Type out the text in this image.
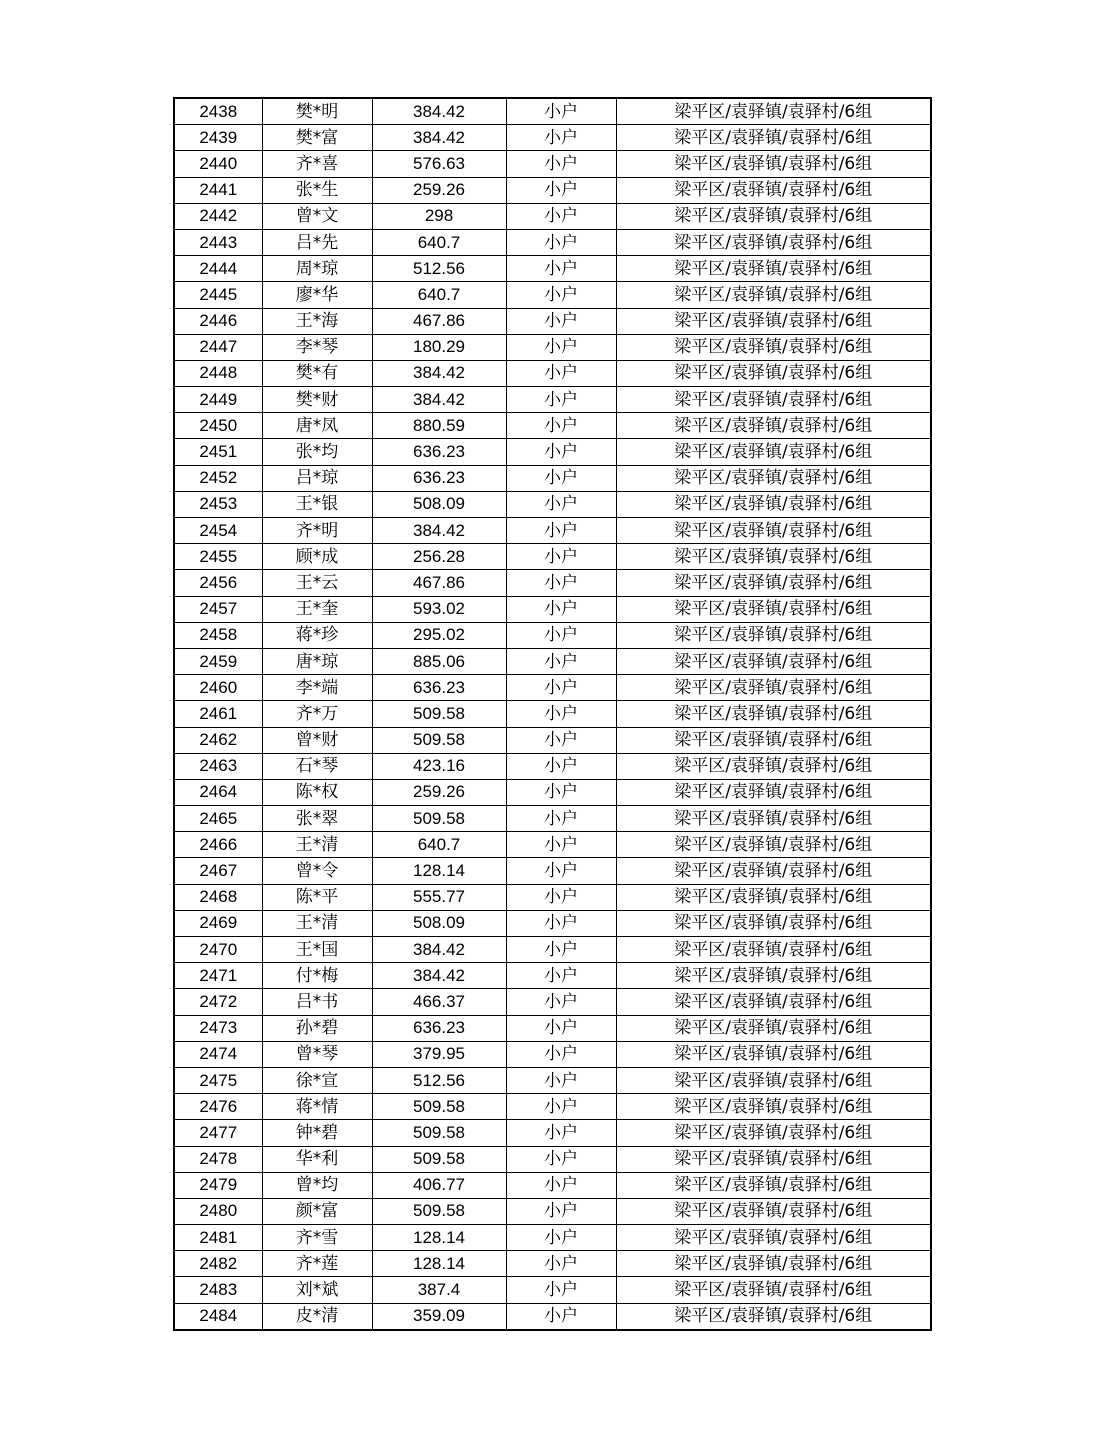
2438	樊*明	384.42	小户	梁平区/袁驿镇/袁驿村/6组
2439	樊*富	384.42	小户	梁平区/袁驿镇/袁驿村/6组
2440	齐*喜	576.63	小户	梁平区/袁驿镇/袁驿村/6组
2441	张*生	259.26	小户	梁平区/袁驿镇/袁驿村/6组
2442	曾*文	298	小户	梁平区/袁驿镇/袁驿村/6组
2443	吕*先	640.7	小户	梁平区/袁驿镇/袁驿村/6组
2444	周*琼	512.56	小户	梁平区/袁驿镇/袁驿村/6组
2445	廖*华	640.7	小户	梁平区/袁驿镇/袁驿村/6组
2446	王*海	467.86	小户	梁平区/袁驿镇/袁驿村/6组
2447	李*琴	180.29	小户	梁平区/袁驿镇/袁驿村/6组
2448	樊*有	384.42	小户	梁平区/袁驿镇/袁驿村/6组
2449	樊*财	384.42	小户	梁平区/袁驿镇/袁驿村/6组
2450	唐*凤	880.59	小户	梁平区/袁驿镇/袁驿村/6组
2451	张*均	636.23	小户	梁平区/袁驿镇/袁驿村/6组
2452	吕*琼	636.23	小户	梁平区/袁驿镇/袁驿村/6组
2453	王*银	508.09	小户	梁平区/袁驿镇/袁驿村/6组
2454	齐*明	384.42	小户	梁平区/袁驿镇/袁驿村/6组
2455	顾*成	256.28	小户	梁平区/袁驿镇/袁驿村/6组
2456	王*云	467.86	小户	梁平区/袁驿镇/袁驿村/6组
2457	王*奎	593.02	小户	梁平区/袁驿镇/袁驿村/6组
2458	蒋*珍	295.02	小户	梁平区/袁驿镇/袁驿村/6组
2459	唐*琼	885.06	小户	梁平区/袁驿镇/袁驿村/6组
2460	李*端	636.23	小户	梁平区/袁驿镇/袁驿村/6组
2461	齐*万	509.58	小户	梁平区/袁驿镇/袁驿村/6组
2462	曾*财	509.58	小户	梁平区/袁驿镇/袁驿村/6组
2463	石*琴	423.16	小户	梁平区/袁驿镇/袁驿村/6组
2464	陈*权	259.26	小户	梁平区/袁驿镇/袁驿村/6组
2465	张*翠	509.58	小户	梁平区/袁驿镇/袁驿村/6组
2466	王*清	640.7	小户	梁平区/袁驿镇/袁驿村/6组
2467	曾*令	128.14	小户	梁平区/袁驿镇/袁驿村/6组
2468	陈*平	555.77	小户	梁平区/袁驿镇/袁驿村/6组
2469	王*清	508.09	小户	梁平区/袁驿镇/袁驿村/6组
2470	王*国	384.42	小户	梁平区/袁驿镇/袁驿村/6组
2471	付*梅	384.42	小户	梁平区/袁驿镇/袁驿村/6组
2472	吕*书	466.37	小户	梁平区/袁驿镇/袁驿村/6组
2473	孙*碧	636.23	小户	梁平区/袁驿镇/袁驿村/6组
2474	曾*琴	379.95	小户	梁平区/袁驿镇/袁驿村/6组
2475	徐*宣	512.56	小户	梁平区/袁驿镇/袁驿村/6组
2476	蒋*情	509.58	小户	梁平区/袁驿镇/袁驿村/6组
2477	钟*碧	509.58	小户	梁平区/袁驿镇/袁驿村/6组
2478	华*利	509.58	小户	梁平区/袁驿镇/袁驿村/6组
2479	曾*均	406.77	小户	梁平区/袁驿镇/袁驿村/6组
2480	颜*富	509.58	小户	梁平区/袁驿镇/袁驿村/6组
2481	齐*雪	128.14	小户	梁平区/袁驿镇/袁驿村/6组
2482	齐*莲	128.14	小户	梁平区/袁驿镇/袁驿村/6组
2483	刘*斌	387.4	小户	梁平区/袁驿镇/袁驿村/6组
2484	皮*清	359.09	小户	梁平区/袁驿镇/袁驿村/6组
